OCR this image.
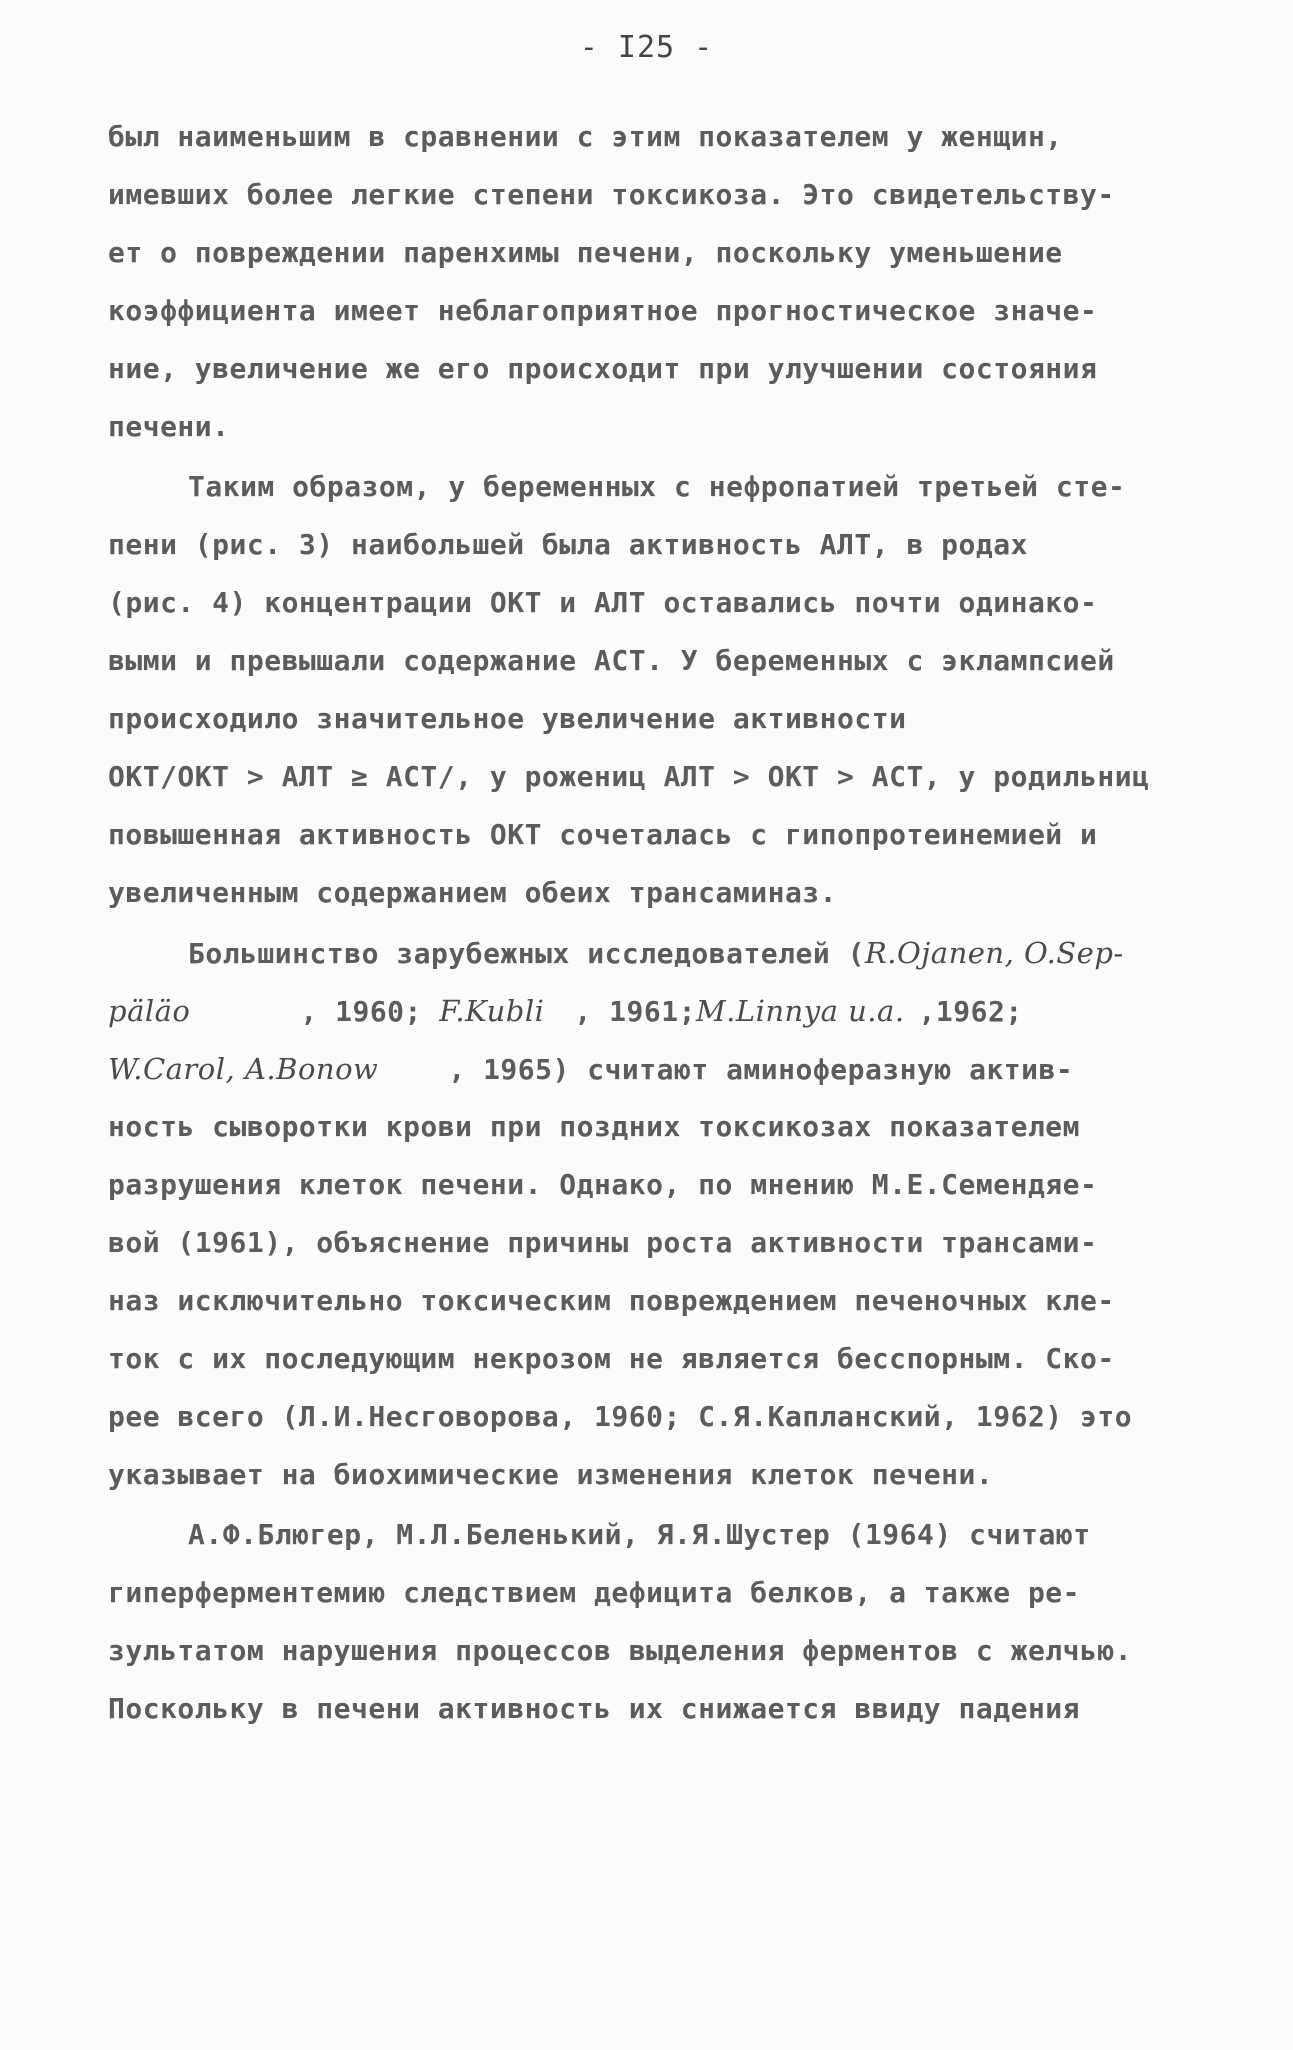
- I25 -
был наименьшим в сравнении с этим показателем у женщин,
имевших более легкие степени токсикоза. Это свидетельству-
ет о повреждении паренхимы печени, поскольку уменьшение
коэффициента имеет неблагоприятное прогностическое значе-
ние, увеличение же его происходит при улучшении состояния
печени.
Таким образом, у беременных с нефропатией третьей сте-
пени (рис. 3) наибольшей была активность АЛТ, в родах
(рис. 4) концентрации ОКТ и АЛТ оставались почти одинако-
выми и превышали содержание АСТ. У беременных с эклампсией
происходило значительное увеличение активности
ОКТ/ОКТ > АЛТ ≥ АСТ/, у рожениц АЛТ > ОКТ > АСТ, у родильниц
повышенная активность ОКТ сочеталась с гипопротеинемией и
увеличенным содержанием обеих трансаминаз.
Большинство зарубежных исследователей (R.Ojanen, O.Sep-
päläo	, 1960; F.Kubli , 1961;M.Linnya u.a. ,1962;
W.Carol, A.Bonow	, 1965) считают аминоферазную актив-
ность сыворотки крови при поздних токсикозах показателем
разрушения клеток печени. Однако, по мнению М.Е.Семендяе-
вой (1961), объяснение причины роста активности трансами-
наз исключительно токсическим повреждением печеночных кле-
ток с их последующим некрозом не является бесспорным. Ско-
рее всего (Л.И.Несговорова, 1960; С.Я.Капланский, 1962) это
указывает на биохимические изменения клеток печени.
А.Ф.Блюгер, М.Л.Беленький, Я.Я.Шустер (1964) считают
гиперферментемию следствием дефицита белков, а также ре-
зультатом нарушения процессов выделения ферментов с желчью.
Поскольку в печени активность их снижается ввиду падения
